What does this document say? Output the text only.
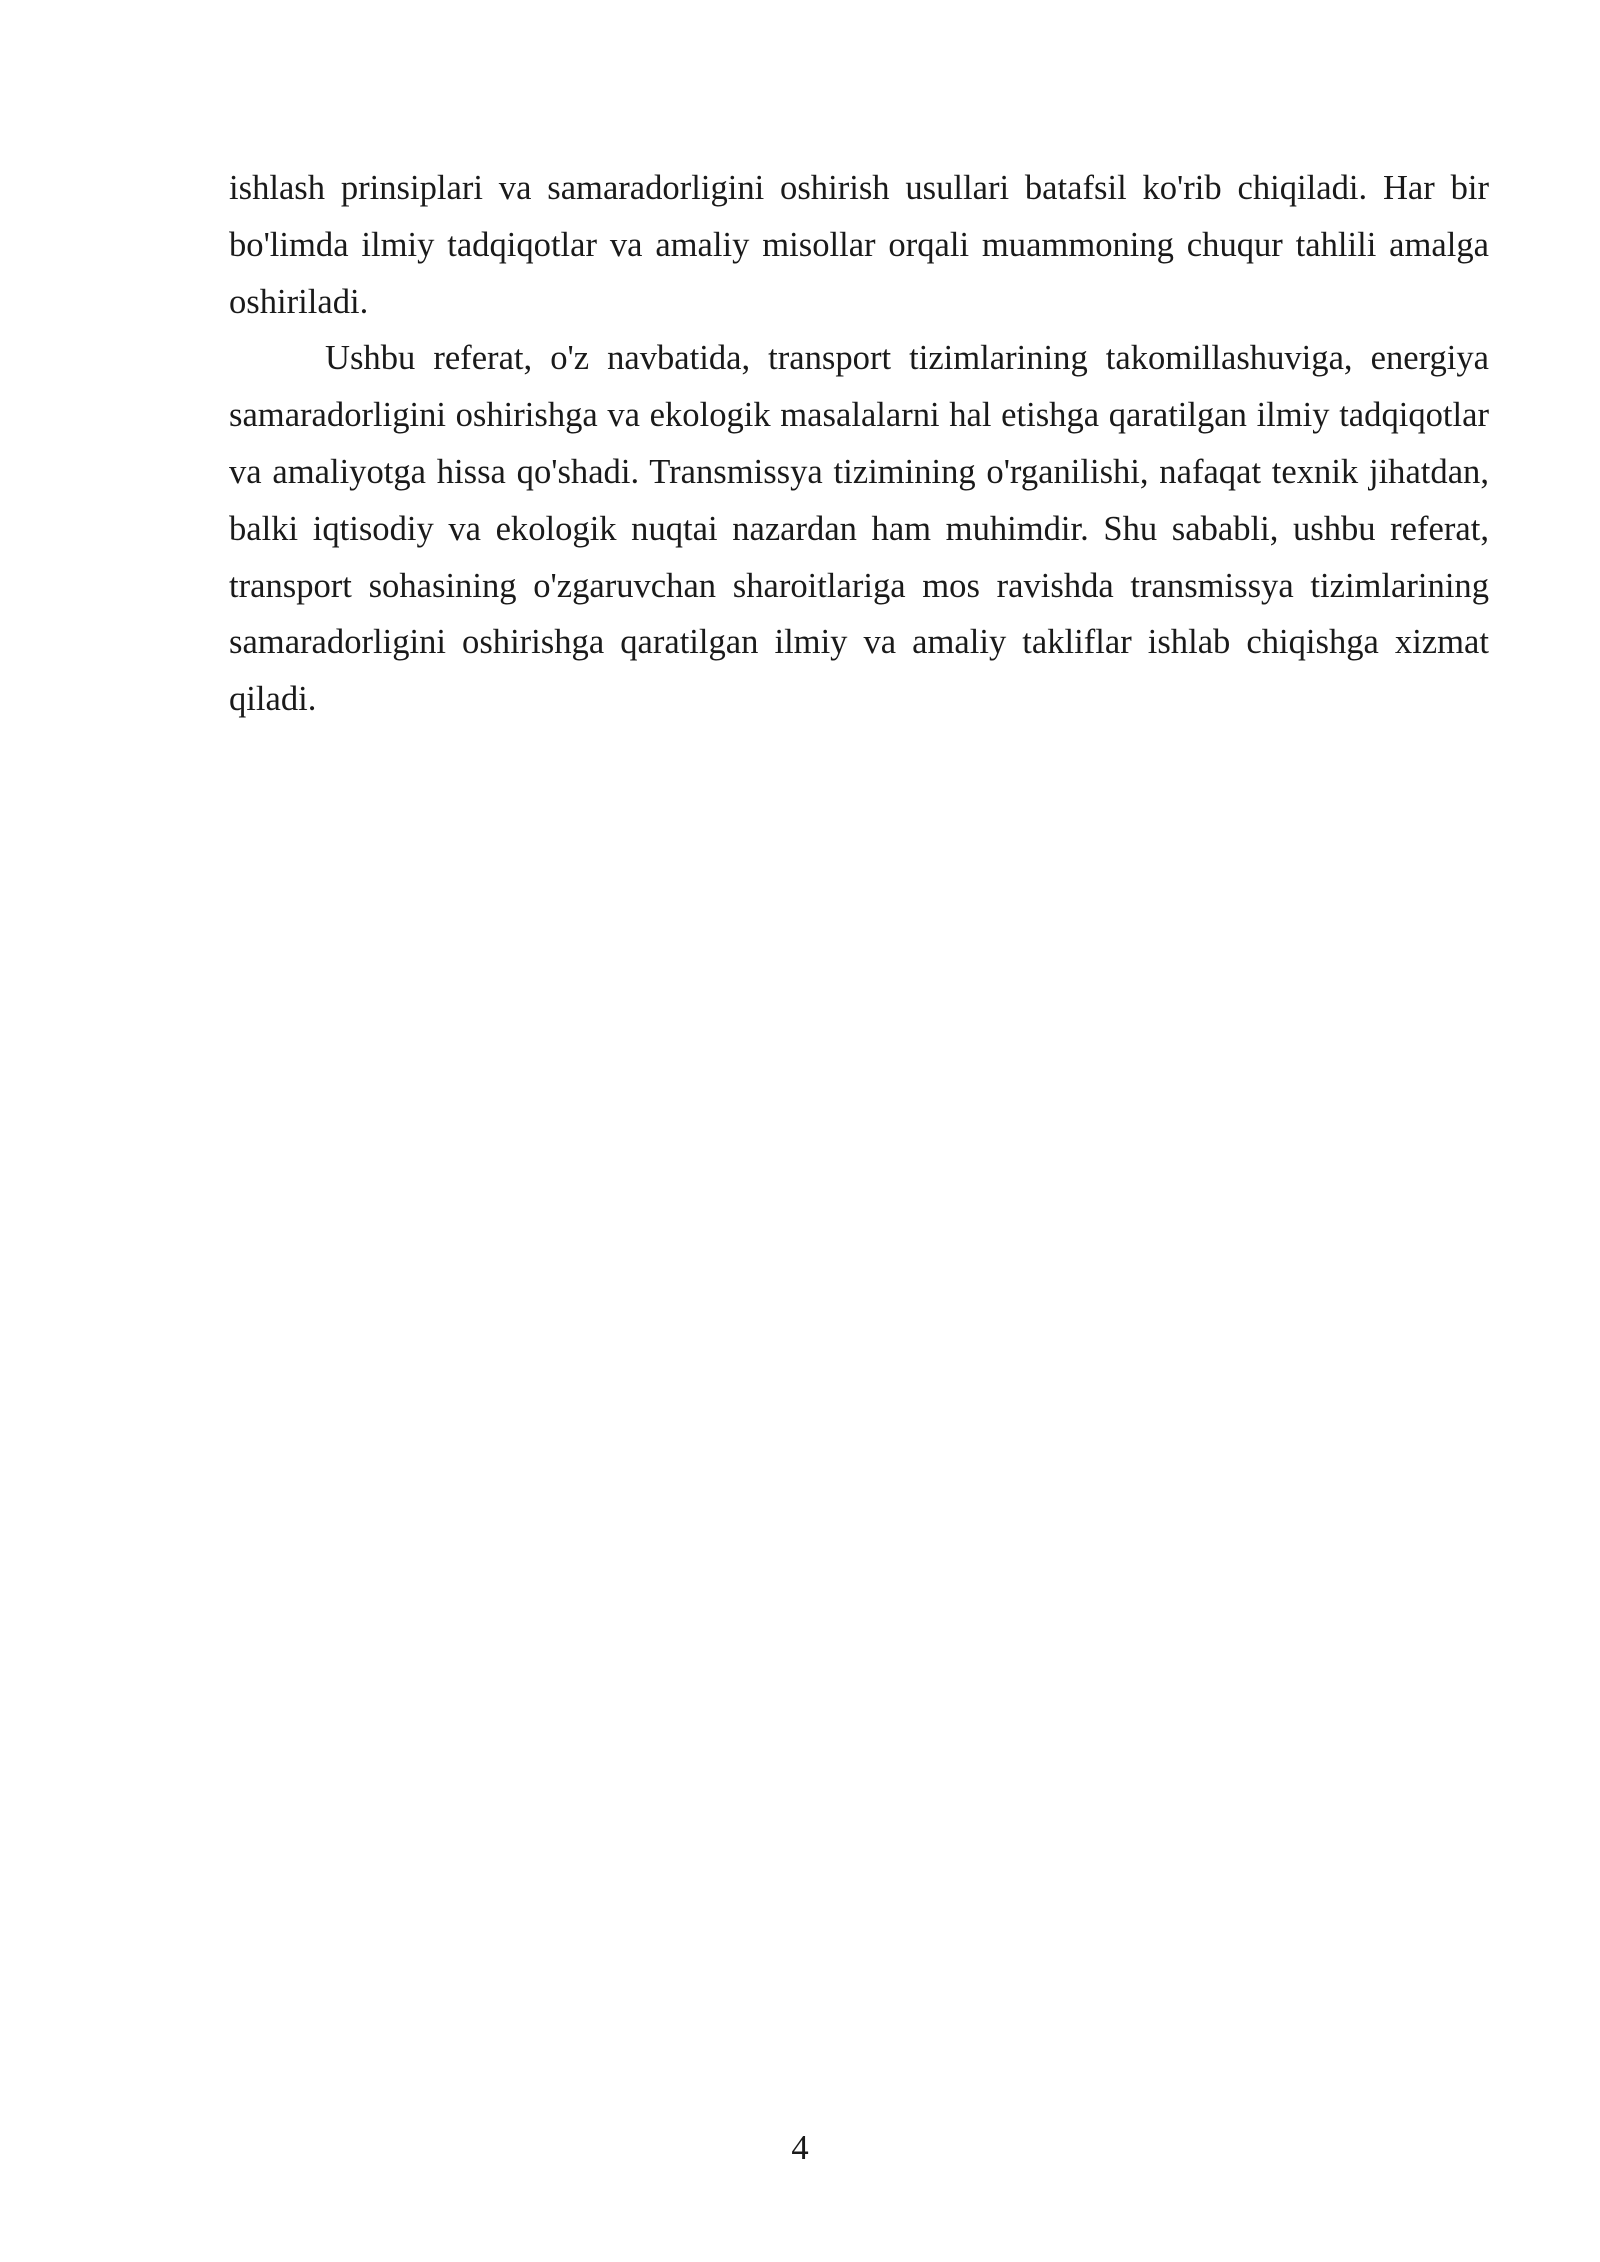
ishlash prinsiplari va samaradorligini oshirish usullari batafsil ko'rib chiqiladi. Har bir bo'limda ilmiy tadqiqotlar va amaliy misollar orqali muammoning chuqur tahlili amalga oshiriladi.

Ushbu referat, o'z navbatida, transport tizimlarining takomillashuviga, energiya samaradorligini oshirishga va ekologik masalalarni hal etishga qaratilgan ilmiy tadqiqotlar va amaliyotga hissa qo'shadi. Transmissya tizimining o'rganilishi, nafaqat texnik jihatdan, balki iqtisodiy va ekologik nuqtai nazardan ham muhimdir. Shu sababli, ushbu referat, transport sohasining o'zgaruvchan sharoitlariga mos ravishda transmissya tizimlarining samaradorligini oshirishga qaratilgan ilmiy va amaliy takliflar ishlab chiqishga xizmat qiladi.

4
